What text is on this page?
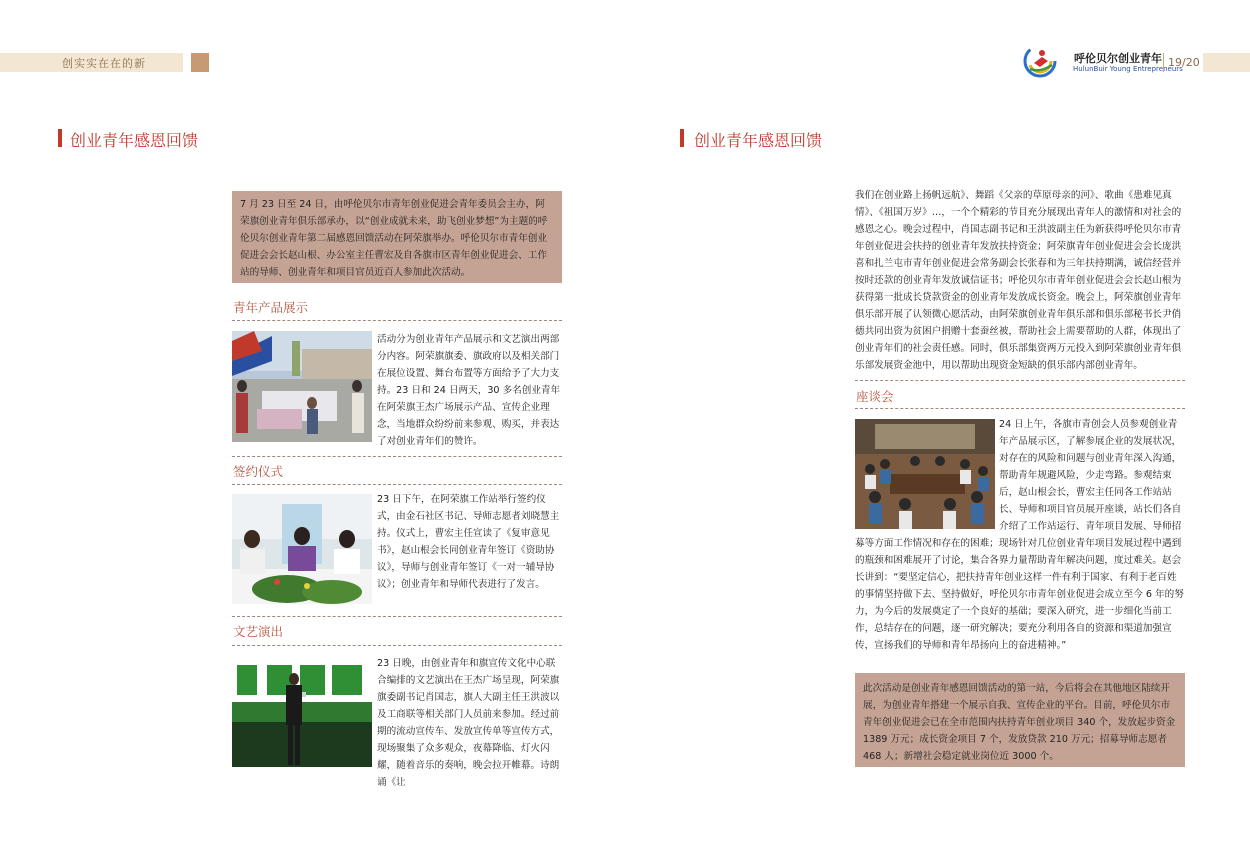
创实实在在的新	呼伦贝尔创业青年
HulunBuir Young Entrepreneurs
19/20
创业青年感恩回馈
7 月 23 日至 24 日，由呼伦贝尔市青年创业促进会青年委员会主办，阿荣旗创业青年俱乐部承办，以“创业成就未来，助飞创业梦想”为主题的呼伦贝尔创业青年第二届感恩回馈活动在阿荣旗举办。呼伦贝尔市青年创业促进会会长赵山根、办公室主任曹宏及自各旗市区青年创业促进会、工作站的导师、创业青年和项目官员近百人参加此次活动。
青年产品展示
活动分为创业青年产品展示和文艺演出两部分内容。阿荣旗旗委、旗政府以及相关部门在展位设置、舞台布置等方面给予了大力支持。23 日和 24 日两天，30 多名创业青年在阿荣旗王杰广场展示产品、宣传企业理念，当地群众纷纷前来参观、购买，并表达了对创业青年们的赞许。
签约仪式
23 日下午，在阿荣旗工作站举行签约仪式，由金石社区书记、导师志愿者刘晓慧主持。仪式上，曹宏主任宣读了《复审意见书》，赵山根会长同创业青年签订《资助协议》，导师与创业青年签订《一对一辅导协议》；创业青年和导师代表进行了发言。
文艺演出
23 日晚，由创业青年和旗宣传文化中心联合编排的文艺演出在王杰广场呈现，阿荣旗旗委副书记肖国志，旗人大副主任王洪波以及工商联等相关部门人员前来参加。经过前期的流动宣传车、发放宣传单等宣传方式，现场聚集了众多观众，夜幕降临、灯火闪耀，随着音乐的奏响，晚会拉开帷幕。诗朗诵《让
创业青年感恩回馈
我们在创业路上扬帆远航》、舞蹈《父亲的草原母亲的河》、歌曲《患难见真情》、《祖国万岁》…，一个个精彩的节目充分展现出青年人的激情和对社会的感恩之心。晚会过程中，肖国志副书记和王洪波副主任为新获得呼伦贝尔市青年创业促进会扶持的创业青年发放扶持资金；阿荣旗青年创业促进会会长庞洪喜和扎兰屯市青年创业促进会常务副会长张春和为三年扶持期满，诚信经营并按时还款的创业青年发放诚信证书；呼伦贝尔市青年创业促进会会长赵山根为获得第一批成长贷款资金的创业青年发放成长资金。晚会上，阿荣旗创业青年俱乐部开展了认领微心愿活动，由阿荣旗创业青年俱乐部和俱乐部秘书长尹俏德共同出资为贫困户捐赠十套蚕丝被，帮助社会上需要帮助的人群，体现出了创业青年们的社会责任感。同时，俱乐部集资两万元投入到阿荣旗创业青年俱乐部发展资金池中，用以帮助出现资金短缺的俱乐部内部创业青年。
座谈会
24 日上午，各旗市青创会人员参观创业青年产品展示区，了解参展企业的发展状况，对存在的风险和问题与创业青年深入沟通，帮助青年规避风险，少走弯路。参观结束后，赵山根会长，曹宏主任同各工作站站长、导师和项目官员展开座谈，站长们各自介绍了工作站运行、青年项目发展、导师招募等方面工作情况和存在的困难；现场针对几位创业青年项目发展过程中遇到的瓶颈和困难展开了讨论，集合各界力量帮助青年解决问题，度过难关。赵会长讲到：“要坚定信心，把扶持青年创业这样一件有利于国家、有利于老百姓的事情坚持做下去、坚持做好，呼伦贝尔市青年创业促进会成立至今 6 年的努力，为今后的发展奠定了一个良好的基础；要深入研究，进一步细化当前工作，总结存在的问题，逐一研究解决；要充分利用各自的资源和渠道加强宣传，宣扬我们的导师和青年昂扬向上的奋进精神。”
此次活动是创业青年感恩回馈活动的第一站，今后将会在其他地区陆续开展，为创业青年搭建一个展示自我、宣传企业的平台。目前，呼伦贝尔市青年创业促进会已在全市范围内扶持青年创业项目 340 个，发放起步资金 1389 万元；成长资金项目 7 个，发放贷款 210 万元；招募导师志愿者 468 人；新增社会稳定就业岗位近 3000 个。
